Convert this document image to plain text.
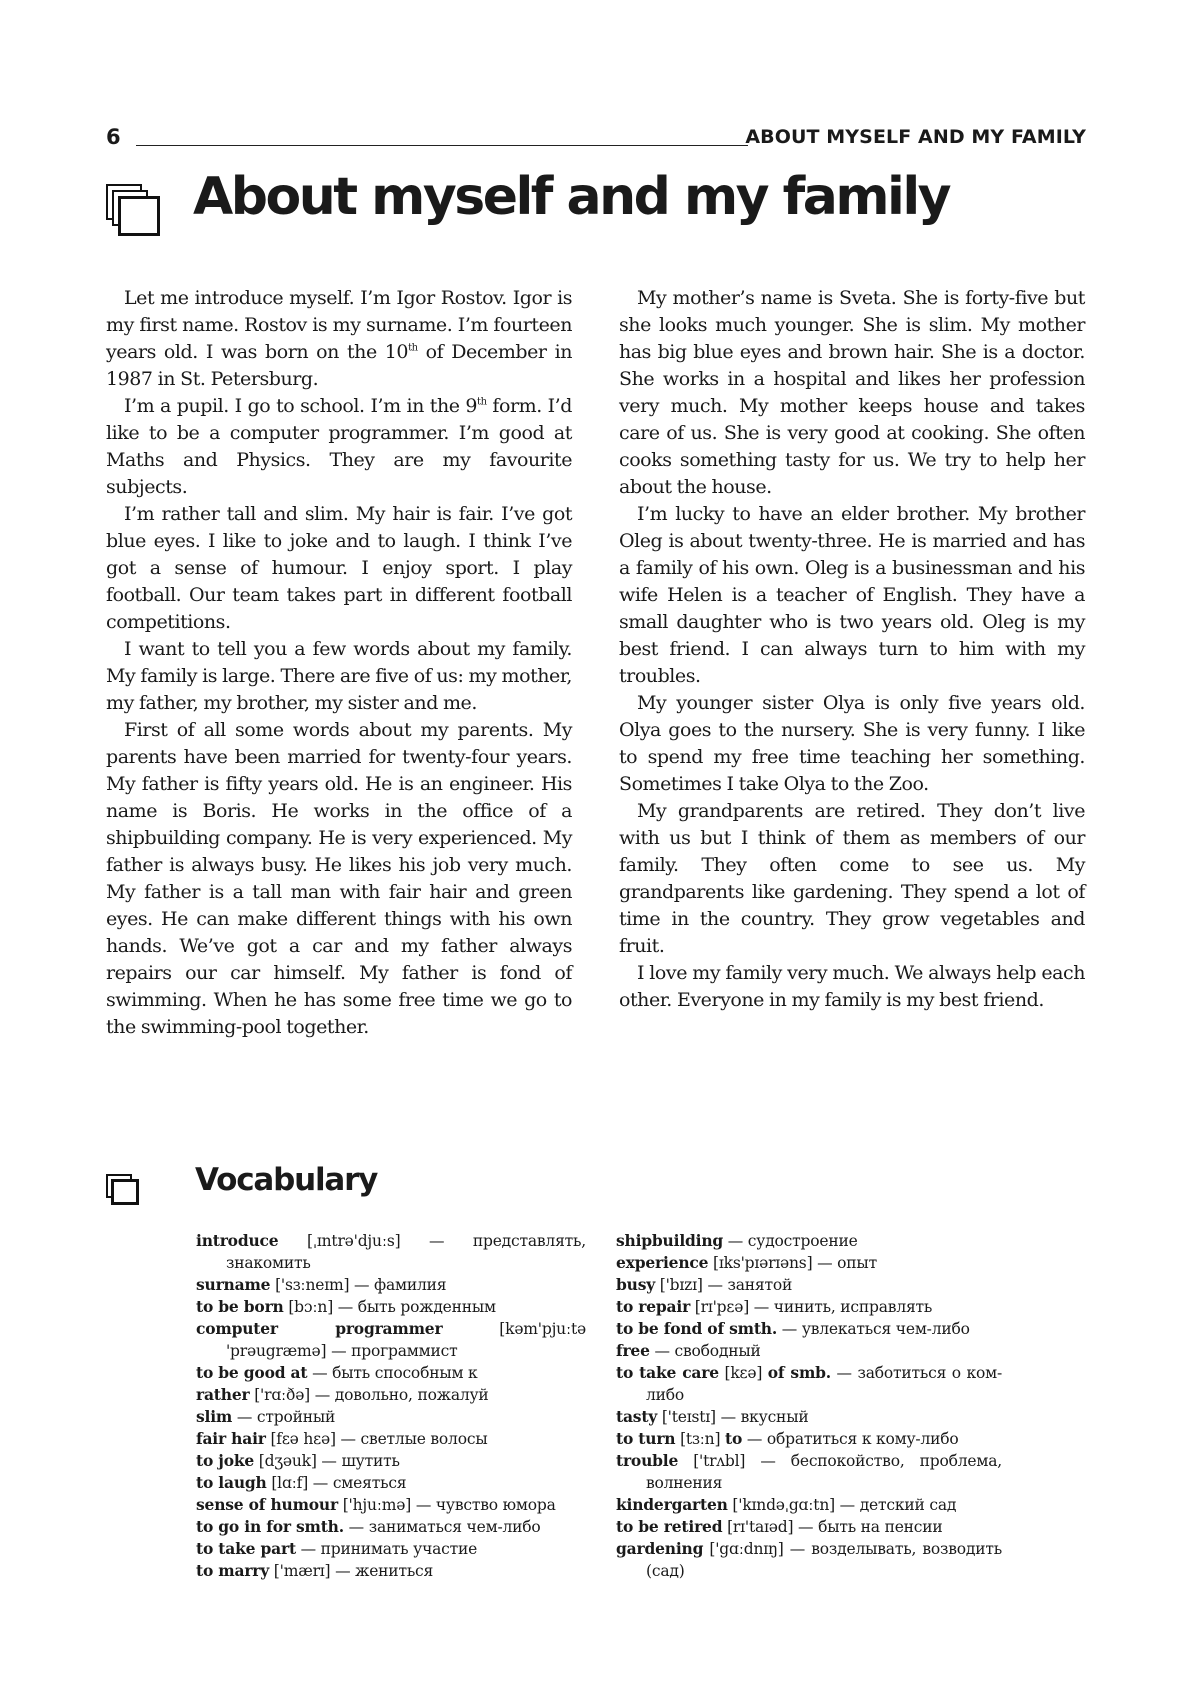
6	ABOUT MYSELF AND MY FAMILY
About myself and my family

Let me introduce myself. I’m Igor Rostov. Igor is my first name. Rostov is my surname. I’m fourteen years old. I was born on the 10th of December in 1987 in St. Petersburg.

I’m a pupil. I go to school. I’m in the 9th form. I’d like to be a computer programmer. I’m good at Maths and Physics. They are my favourite subjects.

I’m rather tall and slim. My hair is fair. I’ve got blue eyes. I like to joke and to laugh. I think I’ve got a sense of humour. I enjoy sport. I play football. Our team takes part in different football competitions.

I want to tell you a few words about my family. My family is large. There are five of us: my mother, my father, my brother, my sister and me.

First of all some words about my parents. My parents have been married for twenty-four years. My father is fifty years old. He is an engineer. His name is Boris. He works in the office of a shipbuilding company. He is very experienced. My father is always busy. He likes his job very much. My father is a tall man with fair hair and green eyes. He can make different things with his own hands. We’ve got a car and my father always repairs our car himself. My father is fond of swimming. When he has some free time we go to the swimming-pool together.

My mother’s name is Sveta. She is forty-five but she looks much younger. She is slim. My mother has big blue eyes and brown hair. She is a doctor. She works in a hospital and likes her profession very much. My mother keeps house and takes care of us. She is very good at cooking. She often cooks something tasty for us. We try to help her about the house.

I’m lucky to have an elder brother. My brother Oleg is about twenty-three. He is married and has a family of his own. Oleg is a businessman and his wife Helen is a teacher of English. They have a small daughter who is two years old. Oleg is my best friend. I can always turn to him with my troubles.

My younger sister Olya is only five years old. Olya goes to the nursery. She is very funny. I like to spend my free time teaching her something. Sometimes I take Olya to the Zoo.

My grandparents are retired. They don’t live with us but I think of them as members of our family. They often come to see us. My grandparents like gardening. They spend a lot of time in the country. They grow vegetables and fruit.

I love my family very much. We always help each other. Everyone in my family is my best friend.

Vocabulary
introduce [ˌɪntrə'djuːs] — представлять, знакомить
surname ['sɜːneɪm] — фамилия
to be born [bɔːn] — быть рожденным
computer programmer [kəm'pjuːtə 'prəugræmə] — программист
to be good at — быть способным к
rather ['rɑːðə] — довольно, пожалуй
slim — стройный
fair hair [fεə hεə] — светлые волосы
to joke [dʒəuk] — шутить
to laugh [lɑːf] — смеяться
sense of humour ['hjuːmə] — чувство юмора
to go in for smth. — заниматься чем-либо
to take part — принимать участие
to marry ['mærɪ] — жениться
shipbuilding — судостроение
experience [ɪks'pɪərɪəns] — опыт
busy ['bɪzɪ] — занятой
to repair [rɪ'pεə] — чинить, исправлять
to be fond of smth. — увлекаться чем-либо
free — свободный
to take care [kεə] of smb. — заботиться о ком-либо
tasty ['teɪstɪ] — вкусный
to turn [tɜːn] to — обратиться к кому-либо
trouble ['trʌbl] — беспокойство, проблема, волнения
kindergarten ['kɪndəˌgɑːtn] — детский сад
to be retired [rɪ'taɪəd] — быть на пенсии
gardening ['gɑːdnɪŋ] — возделывать, возводить (сад)
